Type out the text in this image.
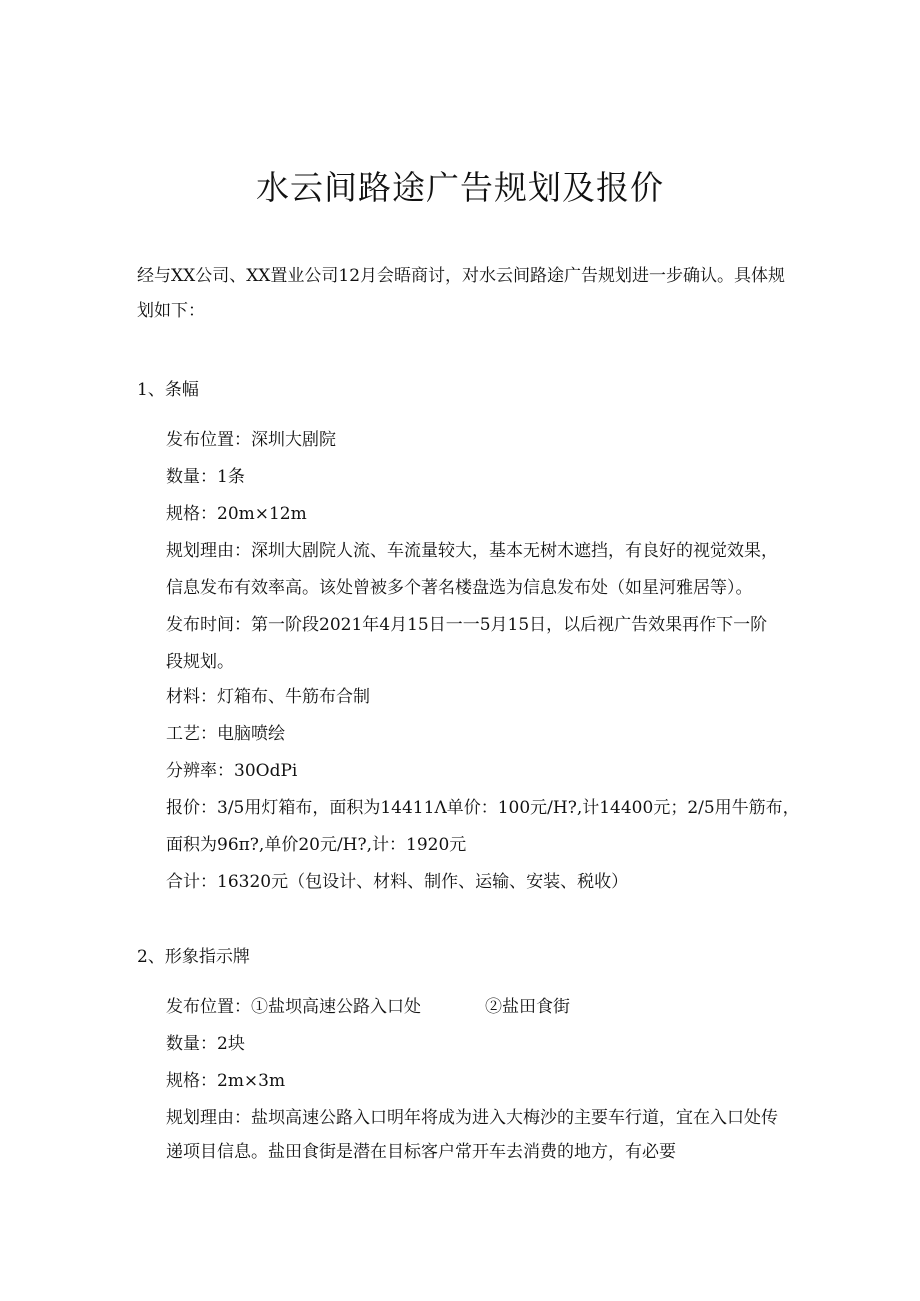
水云间路途广告规划及报价

经与XX公司、XX置业公司12月会晤商讨，对水云间路途广告规划进一步确认。具体规划如下：

1、条幅

发布位置：深圳大剧院

数量：1条

规格：20m×12m

规划理由：深圳大剧院人流、车流量较大，基本无树木遮挡，有良好的视觉效果，

信息发布有效率高。该处曾被多个著名楼盘选为信息发布处（如星河雅居等）。

发布时间：第一阶段2021年4月15日一一5月15日，以后视广告效果再作下一阶

段规划。

材料：灯箱布、牛筋布合制

工艺：电脑喷绘

分辨率：30OdPi

报价：3/5用灯箱布，面积为14411Λ单价：100元/H?,计14400元；2/5用牛筋布，

面积为96π?,单价20元/H?,计：1920元

合计：16320元（包设计、材料、制作、运输、安装、税收）

2、形象指示牌

发布位置：①盐坝高速公路入口处	②盐田食街

数量：2块

规格：2m×3m

规划理由：盐坝高速公路入口明年将成为进入大梅沙的主要车行道，宜在入口处传

递项目信息。盐田食街是潜在目标客户常开车去消费的地方，有必要
